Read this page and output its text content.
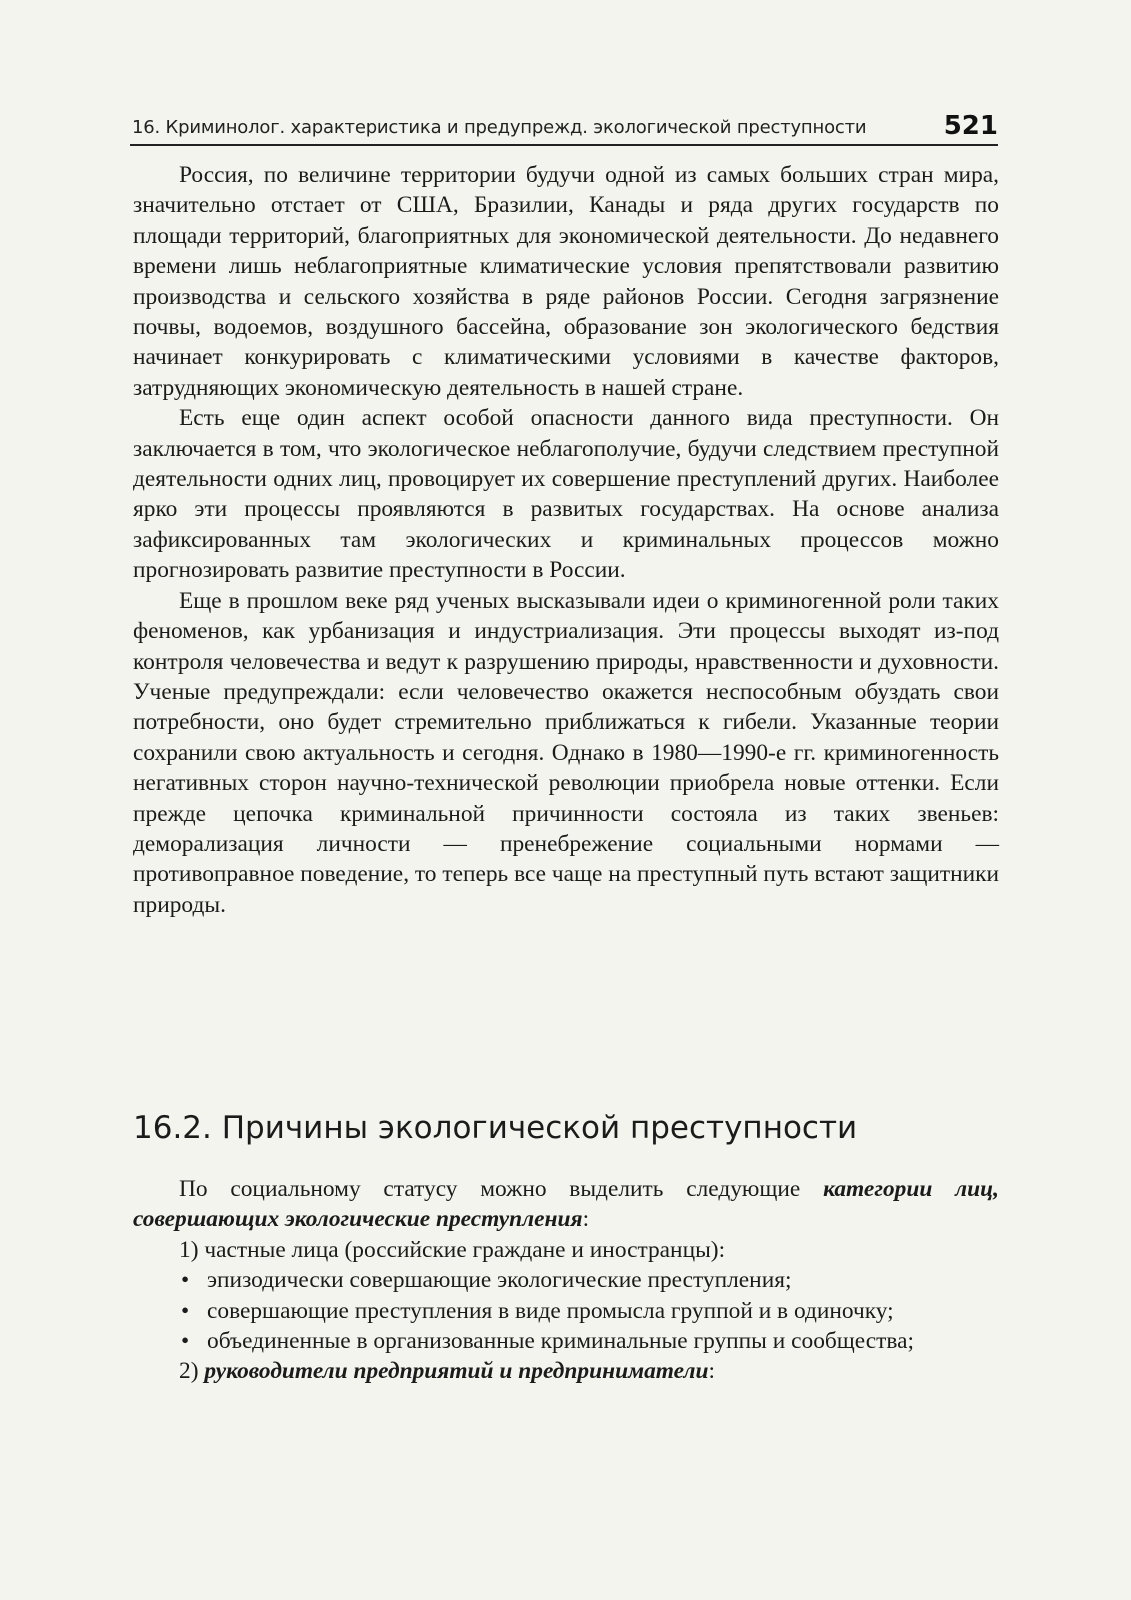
16. Криминолог. характеристика и предупрежд. экологической преступности	521

Россия, по величине территории будучи одной из самых больших стран мира, значительно отстает от США, Бразилии, Канады и ряда других государств по площади территорий, благоприятных для экономической деятельности. До недавнего времени лишь неблагоприятные климатические условия препятствовали развитию производства и сельского хозяйства в ряде районов России. Сегодня загрязнение почвы, водоемов, воздушного бассейна, образование зон экологического бедствия начинает конкурировать с климатическими условиями в качестве факторов, затрудняющих экономическую деятельность в нашей стране.

Есть еще один аспект особой опасности данного вида преступности. Он заключается в том, что экологическое неблагополучие, будучи следствием преступной деятельности одних лиц, провоцирует их совершение преступлений других. Наиболее ярко эти процессы проявляются в развитых государствах. На основе анализа зафиксированных там экологических и криминальных процессов можно прогнозировать развитие преступности в России.

Еще в прошлом веке ряд ученых высказывали идеи о криминогенной роли таких феноменов, как урбанизация и индустриализация. Эти процессы выходят из-под контроля человечества и ведут к разрушению природы, нравственности и духовности. Ученые предупреждали: если человечество окажется неспособным обуздать свои потребности, оно будет стремительно приближаться к гибели. Указанные теории сохранили свою актуальность и сегодня. Однако в 1980—1990-е гг. криминогенность негативных сторон научно-технической революции приобрела новые оттенки. Если прежде цепочка криминальной причинности состояла из таких звеньев: деморализация личности — пренебрежение социальными нормами — противоправное поведение, то теперь все чаще на преступный путь встают защитники природы.

16.2. Причины экологической преступности

По социальному статусу можно выделить следующие категории лиц, совершающих экологические преступления:

1) частные лица (российские граждане и иностранцы):

• эпизодически совершающие экологические преступления;

• совершающие преступления в виде промысла группой и в одиночку;

• объединенные в организованные криминальные группы и сообщества;

2) руководители предприятий и предприниматели:
